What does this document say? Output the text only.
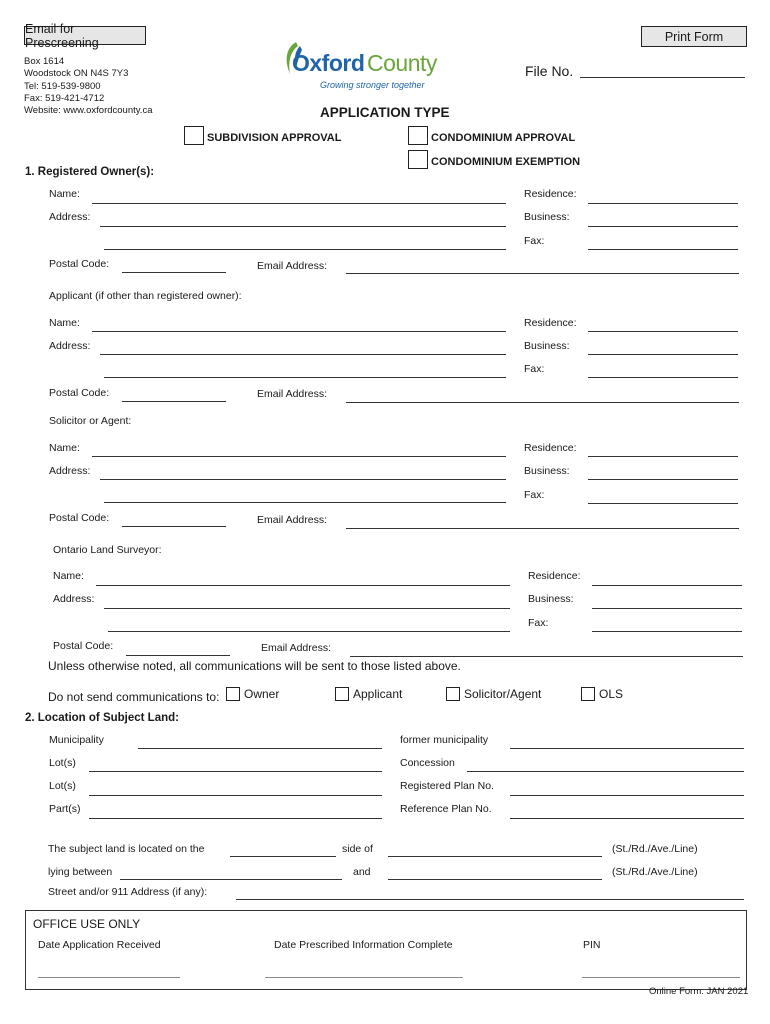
Email for Prescreening	Print Form
Box 1614
Woodstock ON N4S 7Y3
Tel: 519-539-9800
Fax: 519-421-4712
Website: www.oxfordcounty.ca
Oxford County
Growing stronger together
File No.
APPLICATION TYPE
SUBDIVISION APPROVAL	CONDOMINIUM APPROVAL
CONDOMINIUM EXEMPTION
1. Registered Owner(s):
Name:	Residence:
Address:	Business:
Fax:
Postal Code:	Email Address:
Applicant (if other than registered owner):
Name:	Residence:
Address:	Business:
Fax:
Postal Code:	Email Address:
Solicitor or Agent:
Name:	Residence:
Address:	Business:
Fax:
Postal Code:	Email Address:
Ontario Land Surveyor:
Name:	Residence:
Address:	Business:
Fax:
Postal Code:	Email Address:
Unless otherwise noted, all communications will be sent to those listed above.
Do not send communications to: Owner	Applicant	Solicitor/Agent	OLS
2. Location of Subject Land:
Municipality	former municipality
Lot(s)	Concession
Lot(s)	Registered Plan No.
Part(s)	Reference Plan No.
The subject land is located on the	side of	(St./Rd./Ave./Line)
lying between	and	(St./Rd./Ave./Line)
Street and/or 911 Address (if any):
OFFICE USE ONLY
Date Application Received	Date Prescribed Information Complete	PIN
Online Form. JAN 2021
